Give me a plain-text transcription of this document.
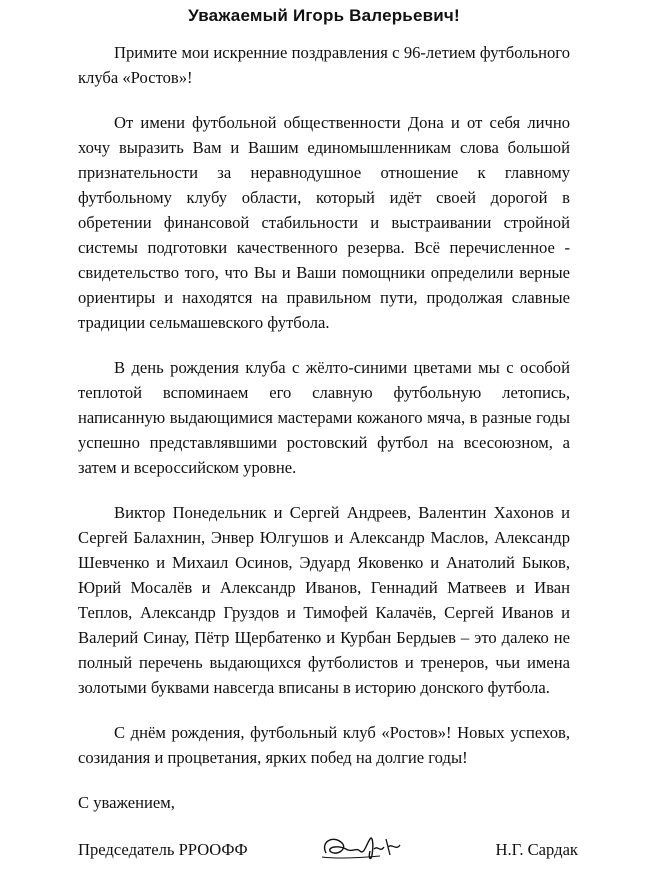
Уважаемый Игорь Валерьевич!

Примите мои искренние поздравления с 96-летием футбольного клуба «Ростов»!

От имени футбольной общественности Дона и от себя лично хочу выразить Вам и Вашим единомышленникам слова большой признательности за неравнодушное отношение к главному футбольному клубу области, который идёт своей дорогой в обретении финансовой стабильности и выстраивании стройной системы подготовки качественного резерва. Всё перечисленное - свидетельство того, что Вы и Ваши помощники определили верные ориентиры и находятся на правильном пути, продолжая славные традиции сельмашевского футбола.

В день рождения клуба с жёлто-синими цветами мы с особой теплотой вспоминаем его славную футбольную летопись, написанную выдающимися мастерами кожаного мяча, в разные годы успешно представлявшими ростовский футбол на всесоюзном, а затем и всероссийском уровне.

Виктор Понедельник и Сергей Андреев, Валентин Хахонов и Сергей Балахнин, Энвер Юлгушов и Александр Маслов, Александр Шевченко и Михаил Осинов, Эдуард Яковенко и Анатолий Быков, Юрий Мосалёв и Александр Иванов, Геннадий Матвеев и Иван Теплов, Александр Груздов и Тимофей Калачёв, Сергей Иванов и Валерий Синау, Пётр Щербатенко и Курбан Бердыев – это далеко не полный перечень выдающихся футболистов и тренеров, чьи имена золотыми буквами навсегда вписаны в историю донского футбола.

С днём рождения, футбольный клуб «Ростов»! Новых успехов, созидания и процветания, ярких побед на долгие годы!

С уважением,
Председатель РРООФФ	Н.Г. Сардак
